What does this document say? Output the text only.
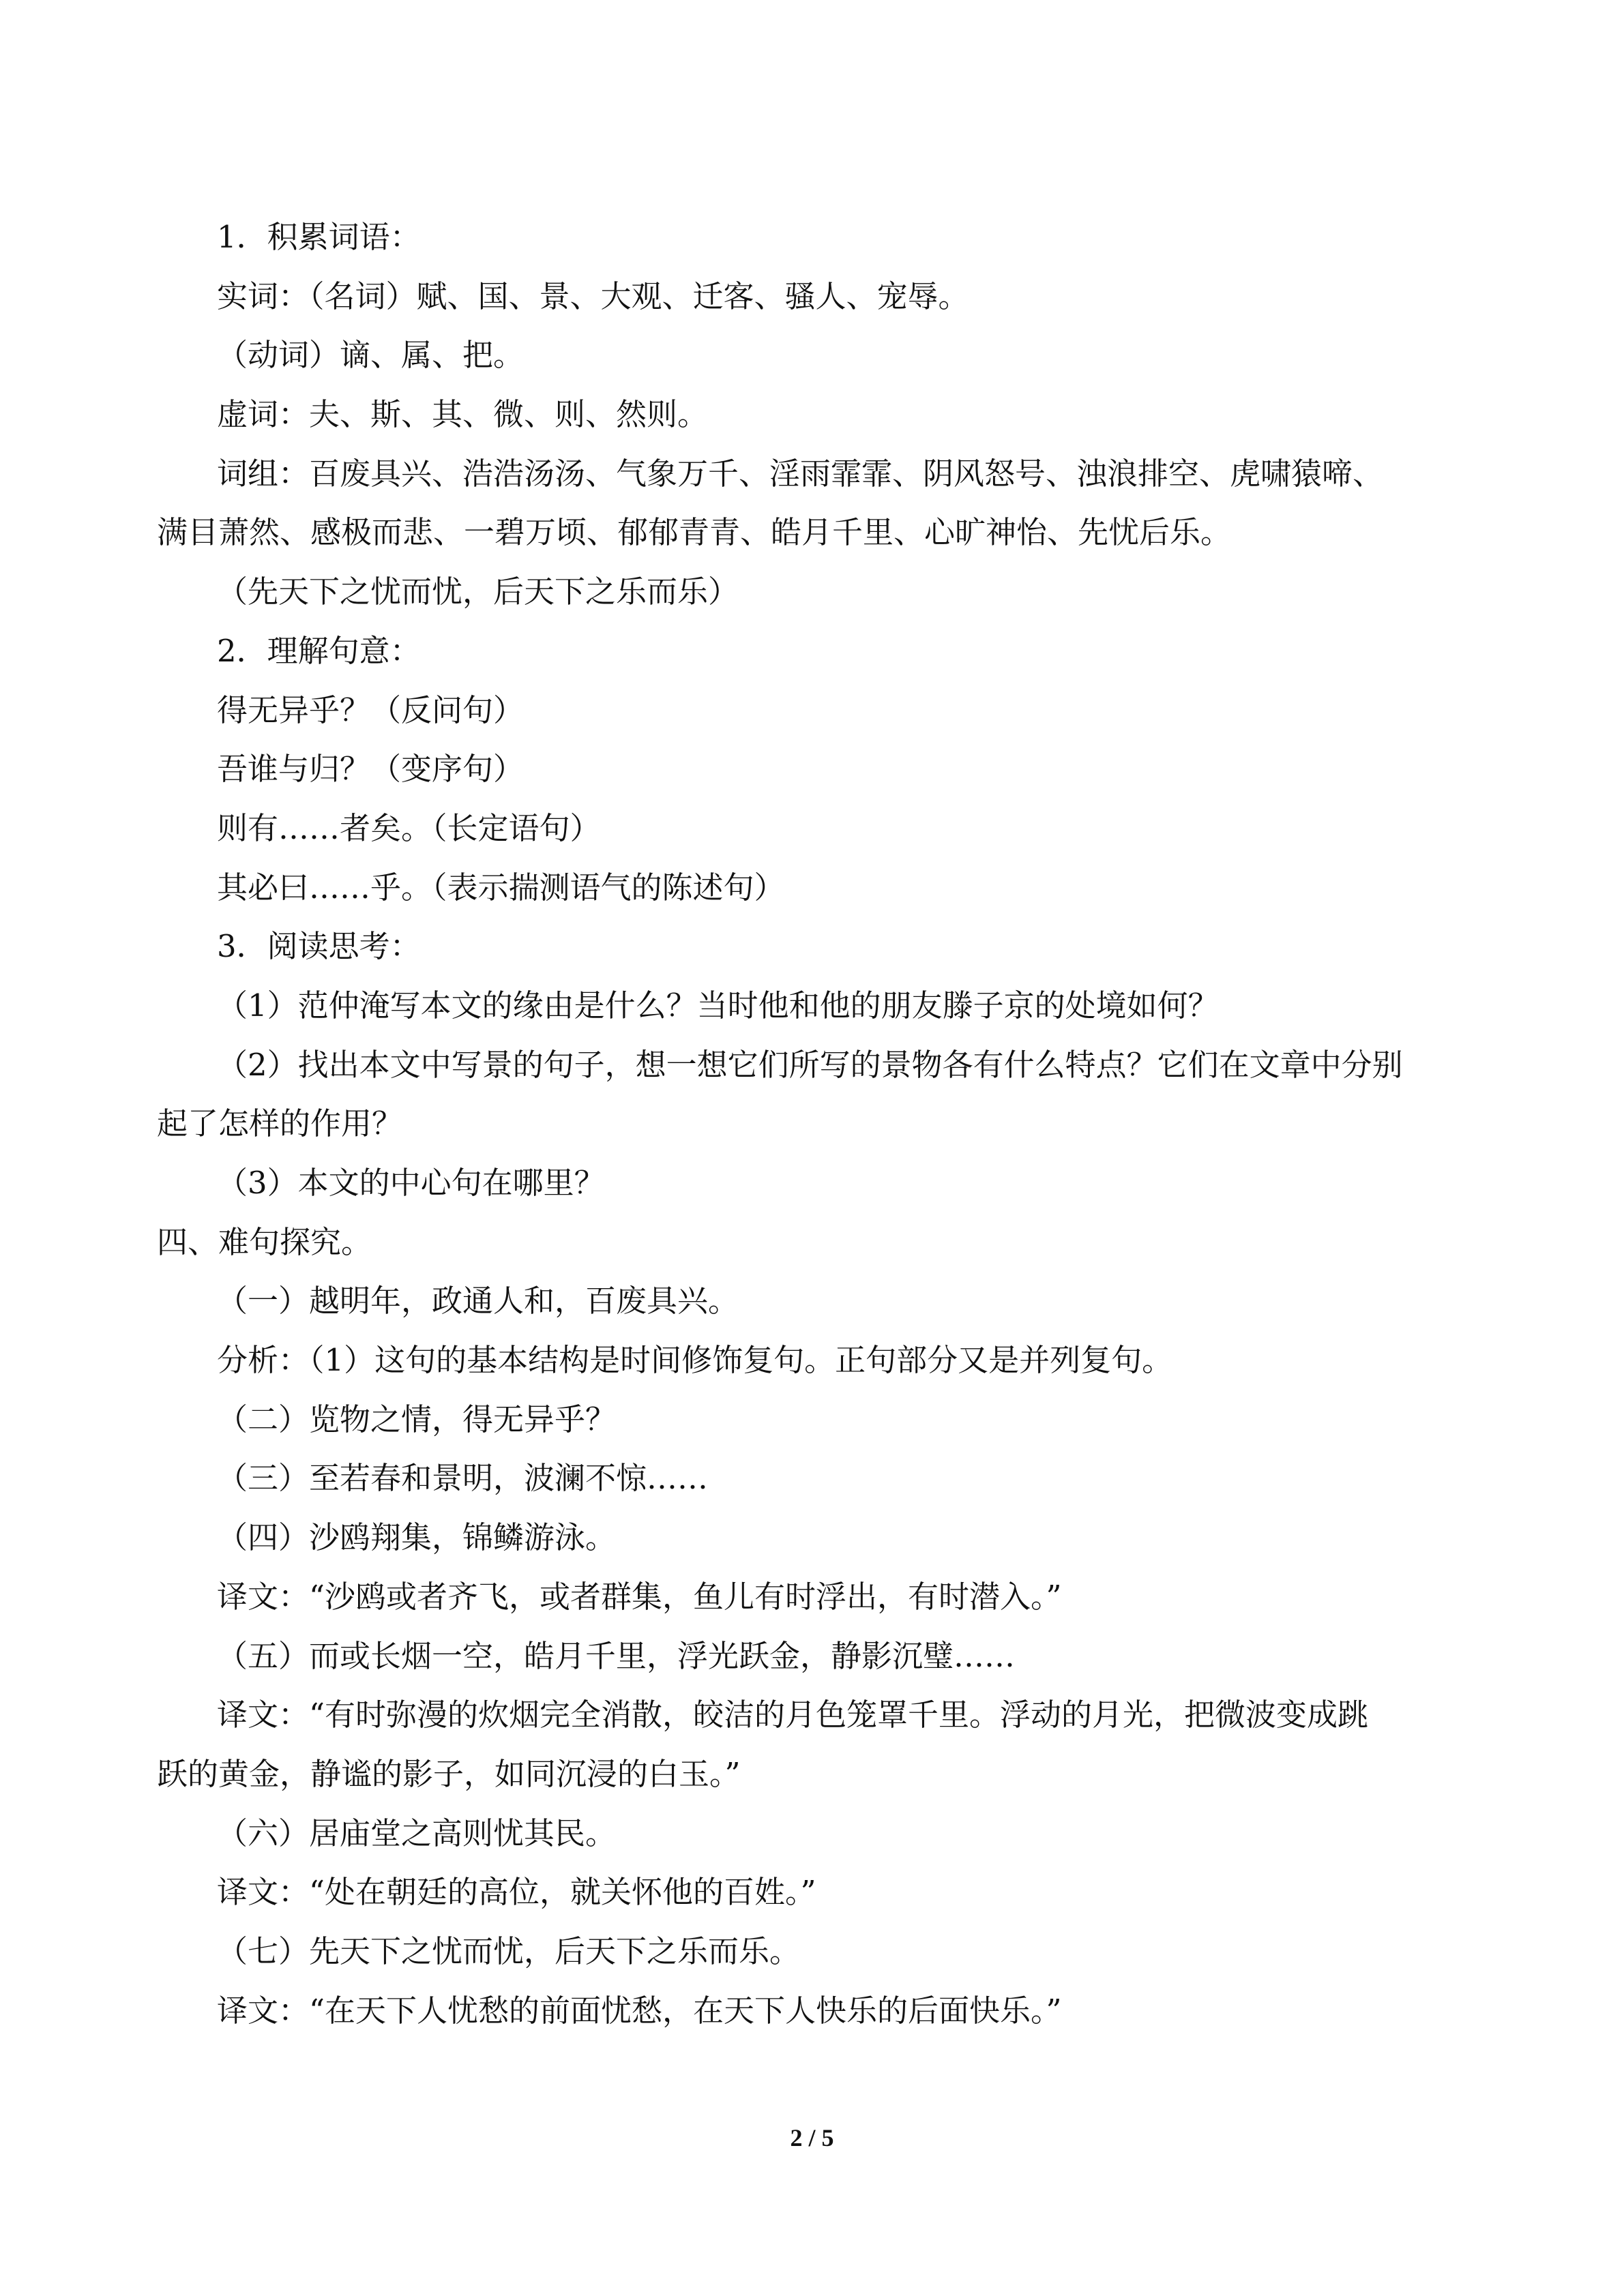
1．积累词语：
实词：（名词）赋、国、景、大观、迁客、骚人、宠辱。
（动词）谪、属、把。
虚词：夫、斯、其、微、则、然则。
词组：百废具兴、浩浩汤汤、气象万千、淫雨霏霏、阴风怒号、浊浪排空、虎啸猿啼、
满目萧然、感极而悲、一碧万顷、郁郁青青、皓月千里、心旷神怡、先忧后乐。
（先天下之忧而忧，后天下之乐而乐）
2．理解句意：
得无异乎？（反问句）
吾谁与归？（变序句）
则有……者矣。（长定语句）
其必曰……乎。（表示揣测语气的陈述句）
3．阅读思考：
（1）范仲淹写本文的缘由是什么？当时他和他的朋友滕子京的处境如何？
（2）找出本文中写景的句子，想一想它们所写的景物各有什么特点？它们在文章中分别
起了怎样的作用？
（3）本文的中心句在哪里？
四、难句探究。
（一）越明年，政通人和，百废具兴。
分析：（1）这句的基本结构是时间修饰复句。正句部分又是并列复句。
（二）览物之情，得无异乎？
（三）至若春和景明，波澜不惊……
（四）沙鸥翔集，锦鳞游泳。
译文：“沙鸥或者齐飞，或者群集，鱼儿有时浮出，有时潜入。”
（五）而或长烟一空，皓月千里，浮光跃金，静影沉璧……
译文：“有时弥漫的炊烟完全消散，皎洁的月色笼罩千里。浮动的月光，把微波变成跳
跃的黄金，静谧的影子，如同沉浸的白玉。”
（六）居庙堂之高则忧其民。
译文：“处在朝廷的高位，就关怀他的百姓。”
（七）先天下之忧而忧，后天下之乐而乐。
译文：“在天下人忧愁的前面忧愁，在天下人快乐的后面快乐。”
2 / 5
